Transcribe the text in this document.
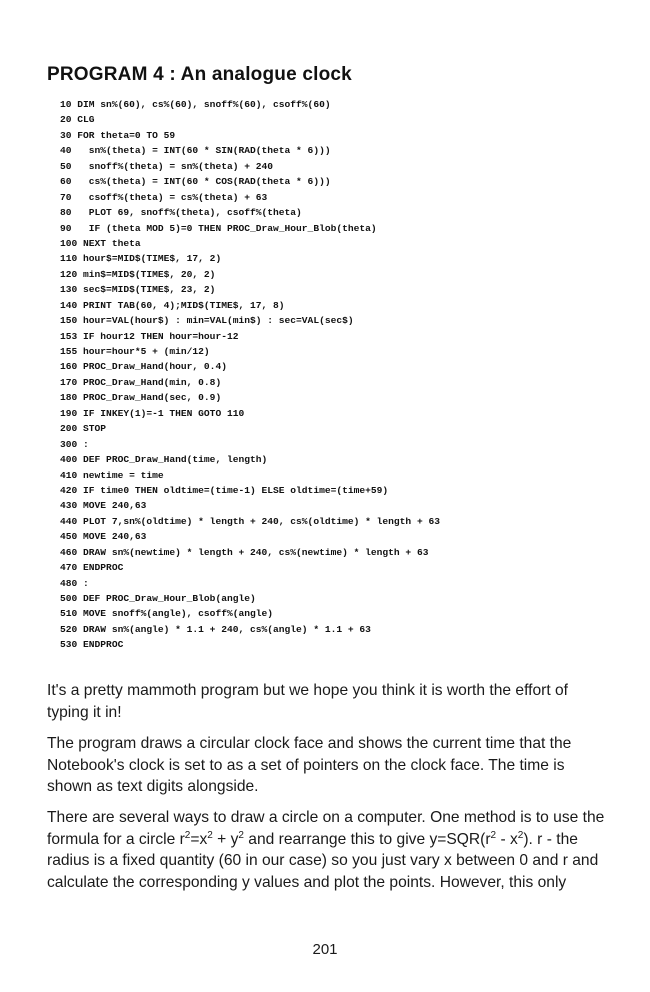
PROGRAM 4 : An analogue clock
10 DIM sn%(60), cs%(60), snoff%(60), csoff%(60)
20 CLG
30 FOR theta=0 TO 59
40   sn%(theta) = INT(60 * SIN(RAD(theta * 6)))
50   snoff%(theta) = sn%(theta) + 240
60   cs%(theta) = INT(60 * COS(RAD(theta * 6)))
70   csoff%(theta) = cs%(theta) + 63
80   PLOT 69, snoff%(theta), csoff%(theta)
90   IF (theta MOD 5)=0 THEN PROC_Draw_Hour_Blob(theta)
100 NEXT theta
110 hour$=MID$(TIME$, 17, 2)
120 min$=MID$(TIME$, 20, 2)
130 sec$=MID$(TIME$, 23, 2)
140 PRINT TAB(60, 4);MID$(TIME$, 17, 8)
150 hour=VAL(hour$) : min=VAL(min$) : sec=VAL(sec$)
153 IF hour12 THEN hour=hour-12
155 hour=hour*5 + (min/12)
160 PROC_Draw_Hand(hour, 0.4)
170 PROC_Draw_Hand(min, 0.8)
180 PROC_Draw_Hand(sec, 0.9)
190 IF INKEY(1)=-1 THEN GOTO 110
200 STOP
300 :
400 DEF PROC_Draw_Hand(time, length)
410 newtime = time
420 IF time0 THEN oldtime=(time-1) ELSE oldtime=(time+59)
430 MOVE 240,63
440 PLOT 7,sn%(oldtime) * length + 240, cs%(oldtime) * length + 63
450 MOVE 240,63
460 DRAW sn%(newtime) * length + 240, cs%(newtime) * length + 63
470 ENDPROC
480 :
500 DEF PROC_Draw_Hour_Blob(angle)
510 MOVE snoff%(angle), csoff%(angle)
520 DRAW sn%(angle) * 1.1 + 240, cs%(angle) * 1.1 + 63
530 ENDPROC

It's a pretty mammoth program but we hope you think it is worth the effort of typing it in!

The program draws a circular clock face and shows the current time that the Notebook's clock is set to as a set of pointers on the clock face. The time is shown as text digits alongside.

There are several ways to draw a circle on a computer. One method is to use the formula for a circle $r^2=x^2 + y^2$ and rearrange this to give $y=SQR(r^2 - x^2)$. r - the radius is a fixed quantity (60 in our case) so you just vary x between 0 and r and calculate the corresponding y values and plot the points. However, this only

201
